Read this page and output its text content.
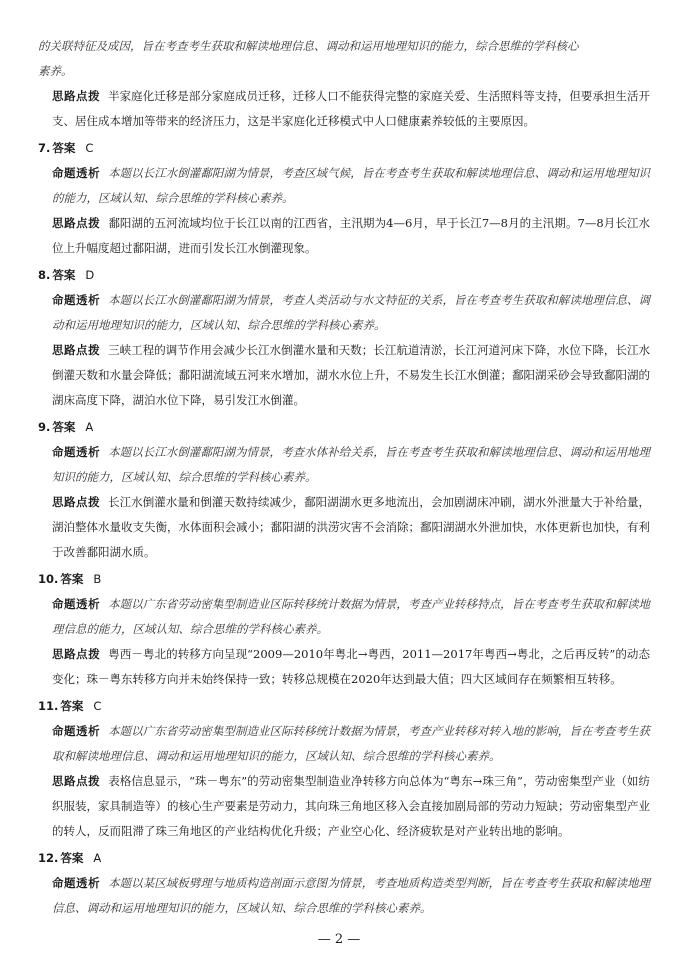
的关联特征及成因，旨在考查考生获取和解读地理信息、调动和运用地理知识的能力，综合思维的学科核心
素养。

思路点拨 半家庭化迁移是部分家庭成员迁移，迁移人口不能获得完整的家庭关爱、生活照料等支持，但要承担生活开支、居住成本增加等带来的经济压力，这是半家庭化迁移模式中人口健康素养较低的主要原因。

7. 答案 C

命题透析 本题以长江水倒灌鄱阳湖为情景，考查区域气候，旨在考查考生获取和解读地理信息、调动和运用地理知识的能力，区域认知、综合思维的学科核心素养。

思路点拨 鄱阳湖的五河流域均位于长江以南的江西省，主汛期为4—6月，早于长江7—8月的主汛期。7—8月长江水位上升幅度超过鄱阳湖，进而引发长江水倒灌现象。

8. 答案 D

命题透析 本题以长江水倒灌鄱阳湖为情景，考查人类活动与水文特征的关系，旨在考查考生获取和解读地理信息、调动和运用地理知识的能力，区域认知、综合思维的学科核心素养。

思路点拨 三峡工程的调节作用会减少长江水倒灌水量和天数；长江航道清淤，长江河道河床下降，水位下降，长江水倒灌天数和水量会降低；鄱阳湖流域五河来水增加，湖水水位上升，不易发生长江水倒灌；鄱阳湖采砂会导致鄱阳湖的湖床高度下降，湖泊水位下降，易引发江水倒灌。

9. 答案 A

命题透析 本题以长江水倒灌鄱阳湖为情景，考查水体补给关系，旨在考查考生获取和解读地理信息、调动和运用地理知识的能力，区域认知、综合思维的学科核心素养。

思路点拨 长江水倒灌水量和倒灌天数持续减少，鄱阳湖湖水更多地流出，会加剧湖床冲刷，湖水外泄量大于补给量，湖泊整体水量收支失衡，水体面积会减小；鄱阳湖的洪涝灾害不会消除；鄱阳湖湖水外泄加快，水体更新也加快，有利于改善鄱阳湖水质。

10. 答案 B

命题透析 本题以广东省劳动密集型制造业区际转移统计数据为情景，考查产业转移特点，旨在考查考生获取和解读地理信息的能力，区域认知、综合思维的学科核心素养。

思路点拨 粤西－粤北的转移方向呈现“2009—2010年粤北→粤西，2011—2017年粤西→粤北，之后再反转”的动态变化；珠－粤东转移方向并未始终保持一致；转移总规模在2020年达到最大值；四大区域间存在频繁相互转移。

11. 答案 C

命题透析 本题以广东省劳动密集型制造业区际转移统计数据为情景，考查产业转移对转入地的影响，旨在考查考生获取和解读地理信息、调动和运用地理知识的能力，区域认知、综合思维的学科核心素养。

思路点拨 表格信息显示，“珠－粤东”的劳动密集型制造业净转移方向总体为“粤东→珠三角”，劳动密集型产业（如纺织服装，家具制造等）的核心生产要素是劳动力，其向珠三角地区移入会直接加剧局部的劳动力短缺；劳动密集型产业的转人，反而阻滞了珠三角地区的产业结构优化升级；产业空心化、经济疲软是对产业转出地的影响。

12. 答案 A

命题透析 本题以某区域板劈理与地质构造剖面示意图为情景，考查地质构造类型判断，旨在考查考生获取和解读地理信息、调动和运用地理知识的能力，区域认知、综合思维的学科核心素养。

— 2 —
